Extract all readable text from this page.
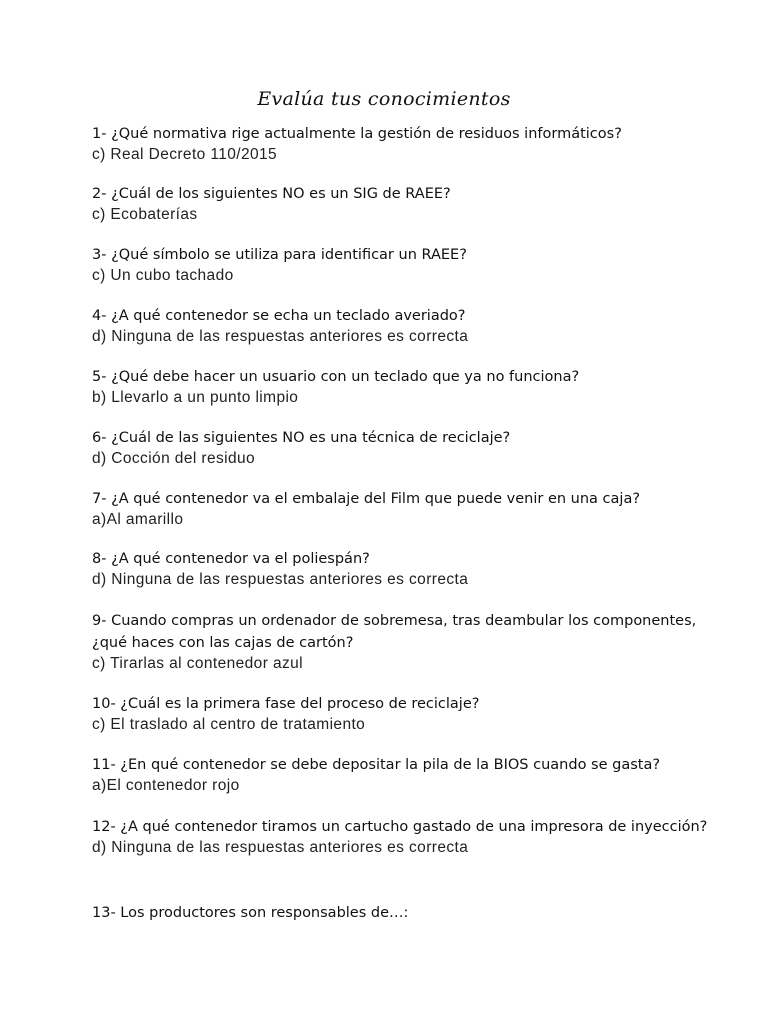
Evalúa tus conocimientos
1- ¿Qué normativa rige actualmente la gestión de residuos informáticos?
c) Real Decreto 110/2015
2- ¿Cuál de los siguientes NO es un SIG de RAEE?
c) Ecobaterías
3- ¿Qué símbolo se utiliza para identificar un RAEE?
c) Un cubo tachado
4- ¿A qué contenedor se echa un teclado averiado?
d) Ninguna de las respuestas anteriores es correcta
5- ¿Qué debe hacer un usuario con un teclado que ya no funciona?
b) Llevarlo a un punto limpio
6- ¿Cuál de las siguientes NO es una técnica de reciclaje?
d) Cocción del residuo
7- ¿A qué contenedor va el embalaje del Film que puede venir en una caja?
a)Al amarillo
8- ¿A qué contenedor va el poliespán?
d) Ninguna de las respuestas anteriores es correcta
9- Cuando compras un ordenador de sobremesa, tras deambular los componentes, ¿qué haces con las cajas de cartón?
c) Tirarlas al contenedor azul
10- ¿Cuál es la primera fase del proceso de reciclaje?
c) El traslado al centro de tratamiento
11- ¿En qué contenedor se debe depositar la pila de la BIOS cuando se gasta?
a)El contenedor rojo
12- ¿A qué contenedor tiramos un cartucho gastado de una impresora de inyección?
d) Ninguna de las respuestas anteriores es correcta
13- Los productores son responsables de…:
